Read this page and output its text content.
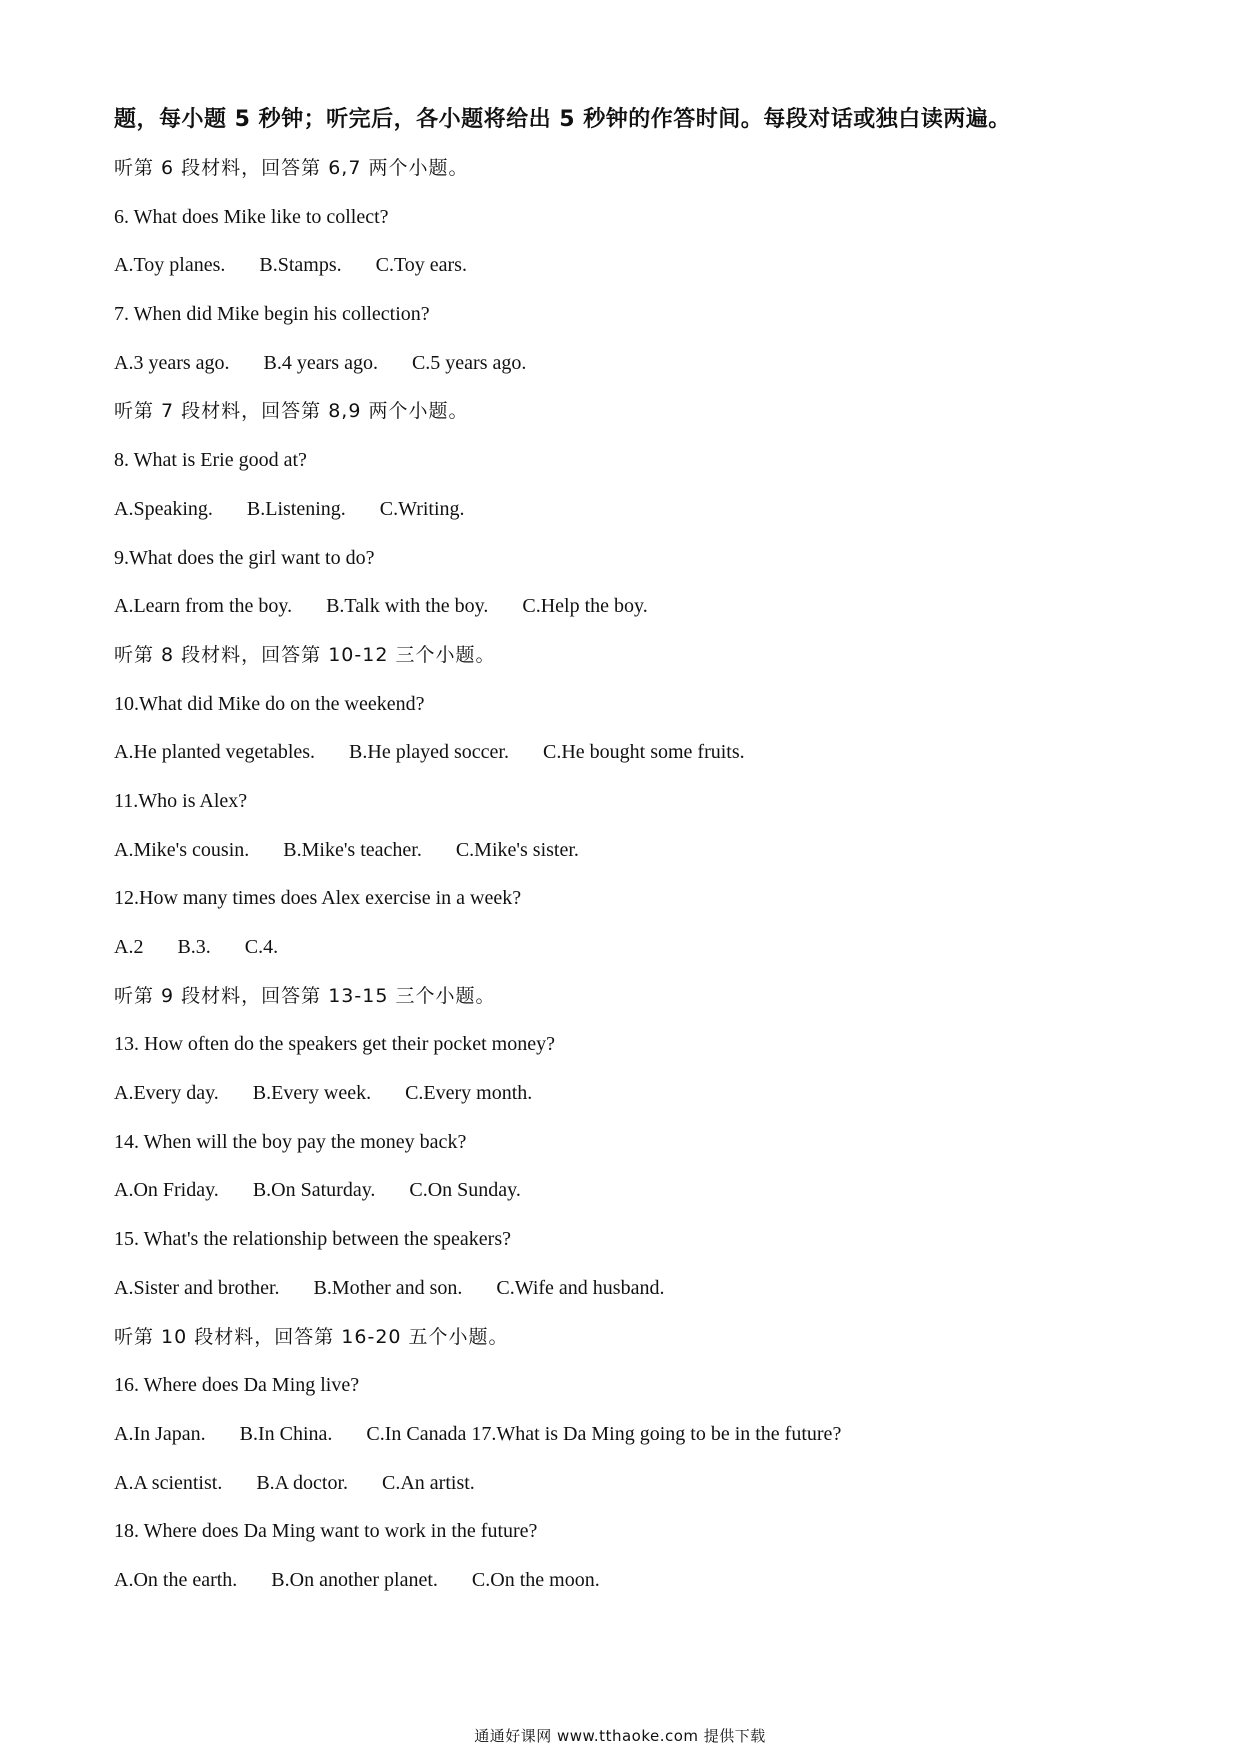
题，每小题 5 秒钟；听完后，各小题将给出 5 秒钟的作答时间。每段对话或独白读两遍。
听第 6 段材料，回答第 6,7 两个小题。
6. What does Mike like to collect?
A.Toy planes. B.Stamps. C.Toy ears.
7. When did Mike begin his collection?
A.3 years ago. B.4 years ago. C.5 years ago.
听第 7 段材料，回答第 8,9 两个小题。
8. What is Erie good at?
A.Speaking. B.Listening. C.Writing.
9.What does the girl want to do?
A.Learn from the boy. B.Talk with the boy. C.Help the boy.
听第 8 段材料，回答第 10-12 三个小题。
10.What did Mike do on the weekend?
A.He planted vegetables. B.He played soccer. C.He bought some fruits.
11.Who is Alex?
A.Mike's cousin. B.Mike's teacher. C.Mike's sister.
12.How many times does Alex exercise in a week?
A.2 B.3. C.4.
听第 9 段材料，回答第 13-15 三个小题。
13. How often do the speakers get their pocket money?
A.Every day. B.Every week. C.Every month.
14. When will the boy pay the money back?
A.On Friday. B.On Saturday. C.On Sunday.
15. What's the relationship between the speakers?
A.Sister and brother. B.Mother and son. C.Wife and husband.
听第 10 段材料，回答第 16-20 五个小题。
16. Where does Da Ming live?
A.In Japan. B.In China. C.In Canada 17.What is Da Ming going to be in the future?
A.A scientist. B.A doctor. C.An artist.
18. Where does Da Ming want to work in the future?
A.On the earth. B.On another planet. C.On the moon.
通通好课网 www.tthaoke.com 提供下载
